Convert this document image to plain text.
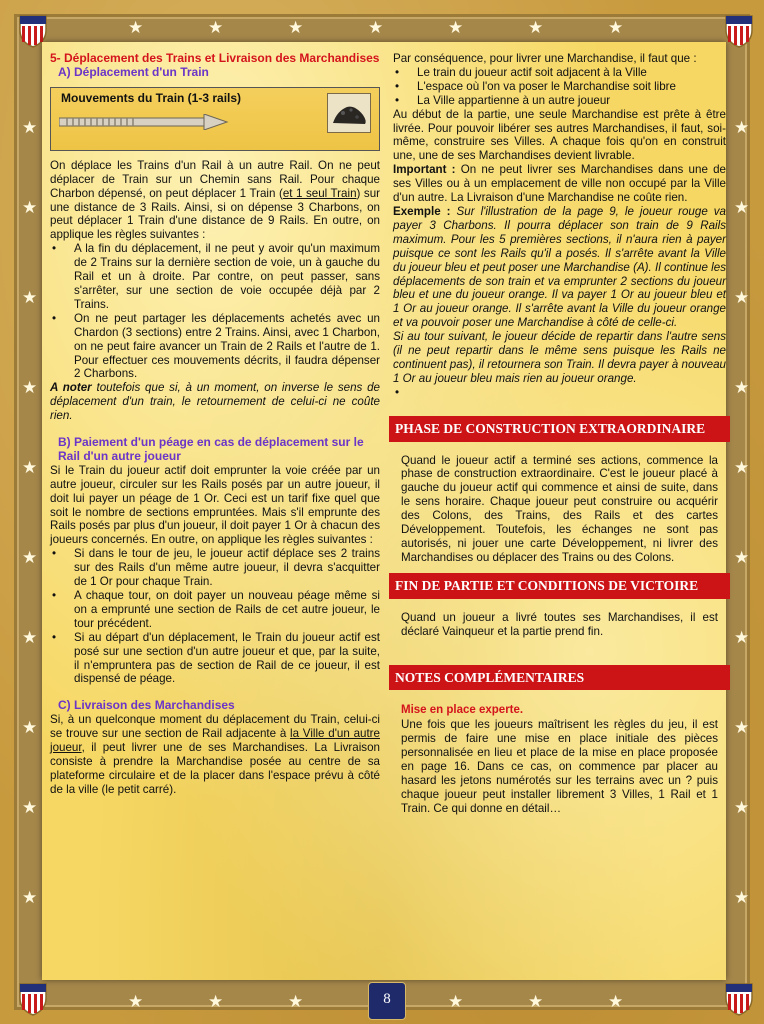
★
★
★
★
★
★
★	★
★
★
★
★
★
★	★
★	★
★	★
★	★
★	★
★	★
★	★
★	★
★	★
★	★
5- Déplacement des Trains et Livraison des Marchandises
A) Déplacement d'un Train
Mouvements du Train (1-3 rails)

On déplace les Trains d'un Rail à un autre Rail. On ne peut déplacer de Train sur un Chemin sans Rail. Pour chaque Charbon dépensé, on peut déplacer 1 Train (et 1 seul Train) sur une distance de 3 Rails. Ainsi, si on dépense 3 Charbons, on peut déplacer 1 Train d'une distance de 9 Rails. En outre, on applique les règles suivantes :

• A la fin du déplacement, il ne peut y avoir qu'un maximum de 2 Trains sur la dernière section de voie, un à gauche du Rail et un à droite. Par contre, on peut passer, sans s'arrêter, sur une section de voie occupée déjà par 2 Trains.
• On ne peut partager les déplacements achetés avec un Chardon (3 sections) entre 2 Trains. Ainsi, avec 1 Charbon, on ne peut faire avancer un Train de 2 Rails et l'autre de 1. Pour effectuer ces mouvements décrits, il faudra dépenser 2 Charbons.

A noter toutefois que si, à un moment, on inverse le sens de déplacement d'un train, le retournement de celui-ci ne coûte rien.

B) Paiement d'un péage en cas de déplacement sur le Rail d'un autre joueur

Si le Train du joueur actif doit emprunter la voie créée par un autre joueur, circuler sur les Rails posés par un autre joueur, il doit lui payer un péage de 1 Or. Ceci est un tarif fixe quel que soit le nombre de sections empruntées. Mais s'il emprunte des Rails posés par plus d'un joueur, il doit payer 1 Or à chacun des joueurs concernés. En outre, on applique les règles suivantes :

• Si dans le tour de jeu, le joueur actif déplace ses 2 trains sur des Rails d'un même autre joueur, il devra s'acquitter de 1 Or pour chaque Train.
• A chaque tour, on doit payer un nouveau péage même si on a emprunté une section de Rails de cet autre joueur, le tour précédent.
• Si au départ d'un déplacement, le Train du joueur actif est posé sur une section d'un autre joueur et que, par la suite, il n'empruntera pas de section de Rail de ce joueur, il est dispensé de péage.
C) Livraison des Marchandises

Si, à un quelconque moment du déplacement du Train, celui-ci se trouve sur une section de Rail adjacente à la Ville d'un autre joueur, il peut livrer une de ses Marchandises. La Livraison consiste à prendre la Marchandise posée au centre de sa plateforme circulaire et de la placer dans l'espace prévu à côté de la ville (le petit carré).

Par conséquence, pour livrer une Marchandise, il faut que :

• Le train du joueur actif soit adjacent à la Ville
• L'espace où l'on va poser le Marchandise soit libre
• La Ville appartienne à un autre joueur

Au début de la partie, une seule Marchandise est prête à être livrée. Pour pouvoir libérer ses autres Marchandises, il faut, soi-même, construire ses Villes. A chaque fois qu'on en construit une, une de ses Marchandises devient livrable.

Important : On ne peut livrer ses Marchandises dans une de ses Villes ou à un emplacement de ville non occupé par la Ville d'un autre. La Livraison d'une Marchandise ne coûte rien.

Exemple : Sur l'illustration de la page 9, le joueur rouge va payer 3 Charbons. Il pourra déplacer son train de 9 Rails maximum. Pour les 5 premières sections, il n'aura rien à payer puisque ce sont les Rails qu'il a posés. Il s'arrête avant la Ville du joueur bleu et peut poser une Marchandise (A). Il continue les déplacements de son train et va emprunter 2 sections du joueur bleu et une du joueur orange. Il va payer 1 Or au joueur bleu et 1 Or au joueur orange. Il s'arrête avant la Ville du joueur orange et va pouvoir poser une Marchandise à côté de celle-ci.

Si au tour suivant, le joueur décide de repartir dans l'autre sens (il ne peut repartir dans le même sens puisque les Rails ne continuent pas), il retournera son Train. Il devra payer à nouveau 1 Or au joueur bleu mais rien au joueur orange.

•
PHASE DE CONSTRUCTION EXTRAORDINAIRE

Quand le joueur actif a terminé ses actions, commence la phase de construction extraordinaire. C'est le joueur placé à gauche du joueur actif qui commence et ainsi de suite, dans le sens horaire. Chaque joueur peut construire ou acquérir des Colons, des Trains, des Rails et des cartes Développement. Toutefois, les échanges ne sont pas autorisés, ni jouer une carte Développement, ni livrer des Marchandises ou déplacer des Trains ou des Colons.

FIN DE PARTIE ET CONDITIONS DE VICTOIRE

Quand un joueur a livré toutes ses Marchandises, il est déclaré Vainqueur et la partie prend fin.

NOTES COMPLÉMENTAIRES
Mise en place experte.

Une fois que les joueurs maîtrisent les règles du jeu, il est permis de faire une mise en place initiale des pièces personnalisée en lieu et place de la mise en place proposée en page 16. Dans ce cas, on commence par placer au hasard les jetons numérotés sur les terrains avec un ? puis chaque joueur peut installer librement 3 Villes, 1 Rail et 1 Train. Ce qui donne en détail…

8
